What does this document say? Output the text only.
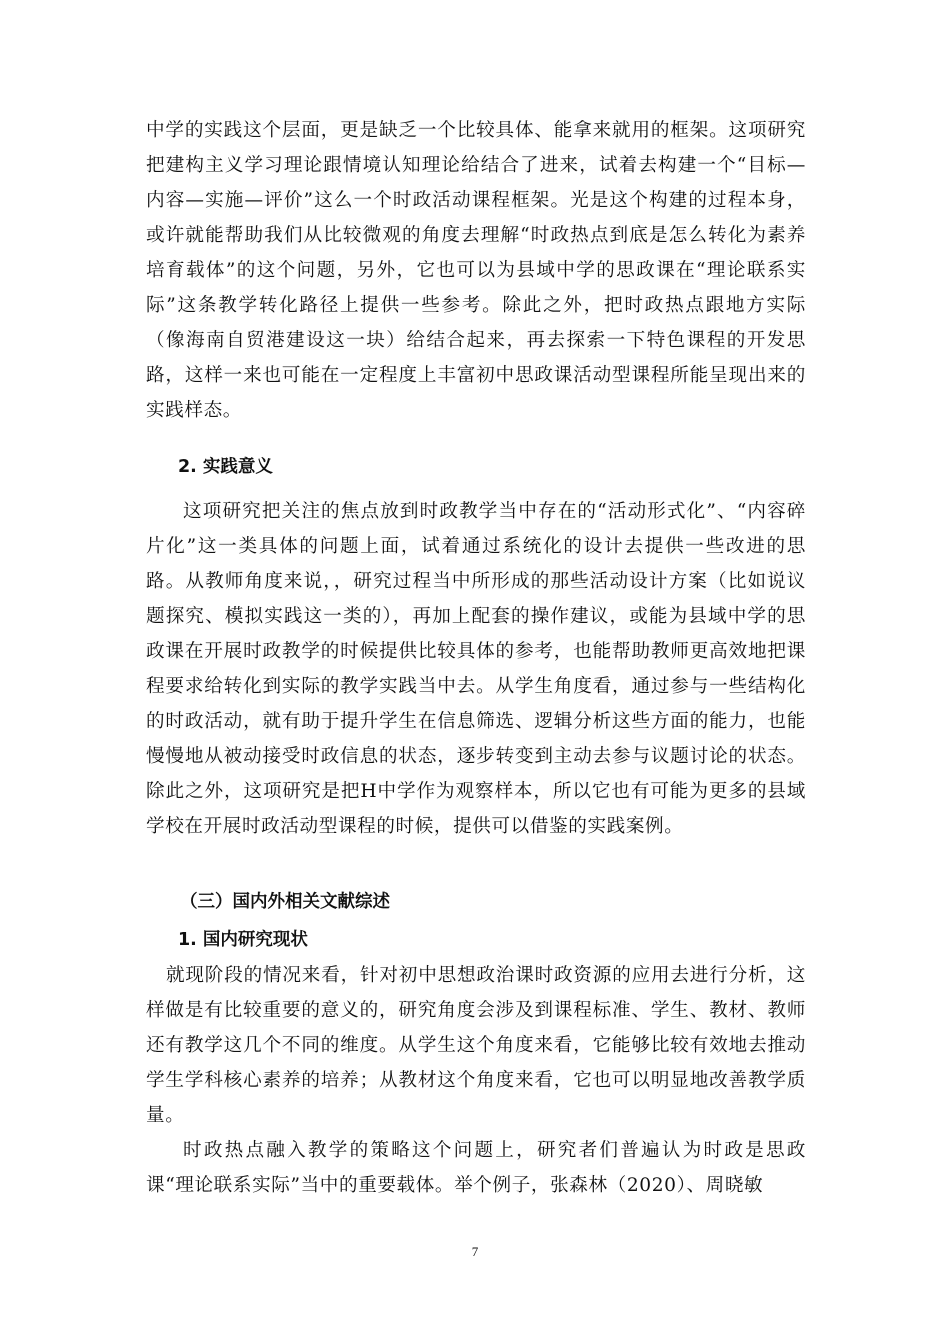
中学的实践这个层面，更是缺乏一个比较具体、能拿来就用的框架。这项研究把建构主义学习理论跟情境认知理论给结合了进来，试着去构建一个“目标—内容—实施—评价”这么一个时政活动课程框架。光是这个构建的过程本身，或许就能帮助我们从比较微观的角度去理解“时政热点到底是怎么转化为素养培育载体”的这个问题，另外，它也可以为县域中学的思政课在“理论联系实际”这条教学转化路径上提供一些参考。除此之外，把时政热点跟地方实际（像海南自贸港建设这一块）给结合起来，再去探索一下特色课程的开发思路，这样一来也可能在一定程度上丰富初中思政课活动型课程所能呈现出来的实践样态。

2. 实践意义

这项研究把关注的焦点放到时政教学当中存在的“活动形式化”、“内容碎片化”这一类具体的问题上面，试着通过系统化的设计去提供一些改进的思路。从教师角度来说，，研究过程当中所形成的那些活动设计方案（比如说议题探究、模拟实践这一类的），再加上配套的操作建议，或能为县域中学的思政课在开展时政教学的时候提供比较具体的参考，也能帮助教师更高效地把课程要求给转化到实际的教学实践当中去。从学生角度看，通过参与一些结构化的时政活动，就有助于提升学生在信息筛选、逻辑分析这些方面的能力，也能慢慢地从被动接受时政信息的状态，逐步转变到主动去参与议题讨论的状态。除此之外，这项研究是把H中学作为观察样本，所以它也有可能为更多的县域学校在开展时政活动型课程的时候，提供可以借鉴的实践案例。

（三）国内外相关文献综述

1. 国内研究现状

就现阶段的情况来看，针对初中思想政治课时政资源的应用去进行分析，这样做是有比较重要的意义的，研究角度会涉及到课程标准、学生、教材、教师还有教学这几个不同的维度。从学生这个角度来看，它能够比较有效地去推动学生学科核心素养的培养；从教材这个角度来看，它也可以明显地改善教学质量。

时政热点融入教学的策略这个问题上，研究者们普遍认为时政是思政课“理论联系实际”当中的重要载体。举个例子，张森林（2020）、周晓敏

7
